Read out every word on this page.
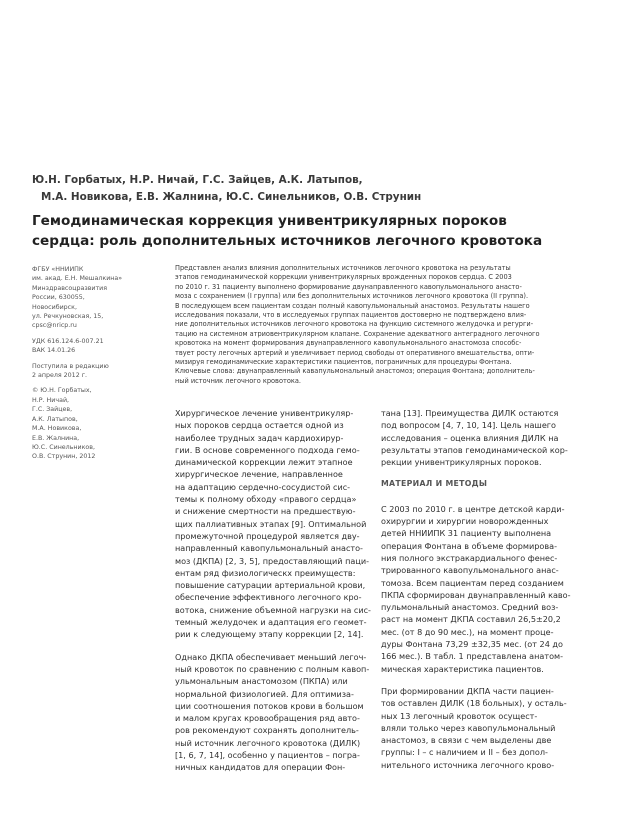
Ю.Н. Горбатых, Н.Р. Ничай, Г.С. Зайцев, А.К. Латыпов,
М.А. Новикова, Е.В. Жалнина, Ю.С. Синельников, О.В. Струнин
Гемодинамическая коррекция унивентрикулярных пороков
сердца: роль дополнительных источников легочного кровотока

ФГБУ «ННИИПК
им. акад. Е.Н. Мешалкина»
Минздравсоцразвития
России, 630055,
Новосибирск,
ул. Речкуновская, 15,
cpsc@nricp.ru

УДК 616.124.6-007.21
ВАК 14.01.26

Поступила в редакцию
2 апреля 2012 г.

© Ю.Н. Горбатых,
Н.Р. Ничай,
Г.С. Зайцев,
А.К. Латыпов,
М.А. Новикова,
Е.В. Жалнина,
Ю.С. Синельников,
О.В. Струнин, 2012

Представлен анализ влияния дополнительных источников легочного кровотока на результаты
этапов гемодинамической коррекции унивентрикулярных врожденных пороков сердца. С 2003
по 2010 г. 31 пациенту выполнено формирование двунаправленного кавопульмонального анасто-
моза с сохранением (I группа) или без дополнительных источников легочного кровотока (II группа).
В последующем всем пациентам создан полный кавопульмональный анастомоз. Результаты нашего
исследования показали, что в исследуемых группах пациентов достоверно не подтверждено влия-
ние дополнительных источников легочного кровотока на функцию системного желудочка и регурги-
тацию на системном атриовентрикулярном клапане. Сохранение адекватного антеградного легочного
кровотока на момент формирования двунаправленного кавопульмонального анастомоза способс-
твует росту легочных артерий и увеличивает период свободы от оперативного вмешательства, опти-
мизируя гемодинамические характеристики пациентов, пограничных для процедуры Фонтана.
Ключевые слова: двунаправленный кавапульмональный анастомоз; операция Фонтана; дополнитель-
ный источник легочного кровотока.
Хирургическое лечение унивентрикуляр-
ных пороков сердца остается одной из
наиболее трудных задач кардиохирур-
гии. В основе современного подхода гемо-
динамической коррекции лежит этапное
хирургическое лечение, направленное
на адаптацию сердечно-сосудистой сис-
темы к полному обходу «правого сердца»
и снижение смертности на предшествую-
щих паллиативных этапах [9]. Оптимальной
промежуточной процедурой является дву-
направленный кавопульмональный анасто-
моз (ДКПА) [2, 3, 5], предоставляющий паци-
ентам ряд физиологическх преимуществ:
повышение сатурации артериальной крови,
обеспечение эффективного легочного кро-
вотока, снижение объемной нагрузки на сис-
темный желудочек и адаптация его геомет-
рии к следующему этапу коррекции [2, 14].
Однако ДКПА обеспечивает меньший легоч-
ный кровоток по сравнению с полным кавоп-
ульмональным анастомозом (ПКПА) или
нормальной физиологией. Для оптимиза-
ции соотношения потоков крови в большом
и малом кругах кровообращения ряд авто-
ров рекомендуют сохранять дополнитель-
ный источник легочного кровотока (ДИЛК)
[1, 6, 7, 14], особенно у пациентов – погра-
ничных кандидатов для операции Фон-
тана [13]. Преимущества ДИЛК остаются
под вопросом [4, 7, 10, 14]. Цель нашего
исследования – оценка влияния ДИЛК на
результаты этапов гемодинамической кор-
рекции унивентрикулярных пороков.
МАТЕРИАЛ И МЕТОДЫ
С 2003 по 2010 г. в центре детской карди-
охирургии и хирургии новорожденных
детей ННИИПК 31 пациенту выполнена
операция Фонтана в объеме формирова-
ния полного экстракардиального фенес-
трированного кавопульмонального анас-
томоза. Всем пациентам перед созданием
ПКПА сформирован двунаправленный каво-
пульмональный анастомоз. Средний воз-
раст на момент ДКПА составил 26,5±20,2
мес. (от 8 до 90 мес.), на момент проце-
дуры Фонтана 73,29 ±32,35 мес. (от 24 до
166 мес.). В табл. 1 представлена анатом-
мическая характеристика пациентов.
При формировании ДКПА части пациен-
тов оставлен ДИЛК (18 больных), у осталь-
ных 13 легочный кровоток осущест-
вляли только через кавопульмональный
анастомоз, в связи с чем выделены две
группы: I – с наличием и II – без допол-
нительного источника легочного крово-
